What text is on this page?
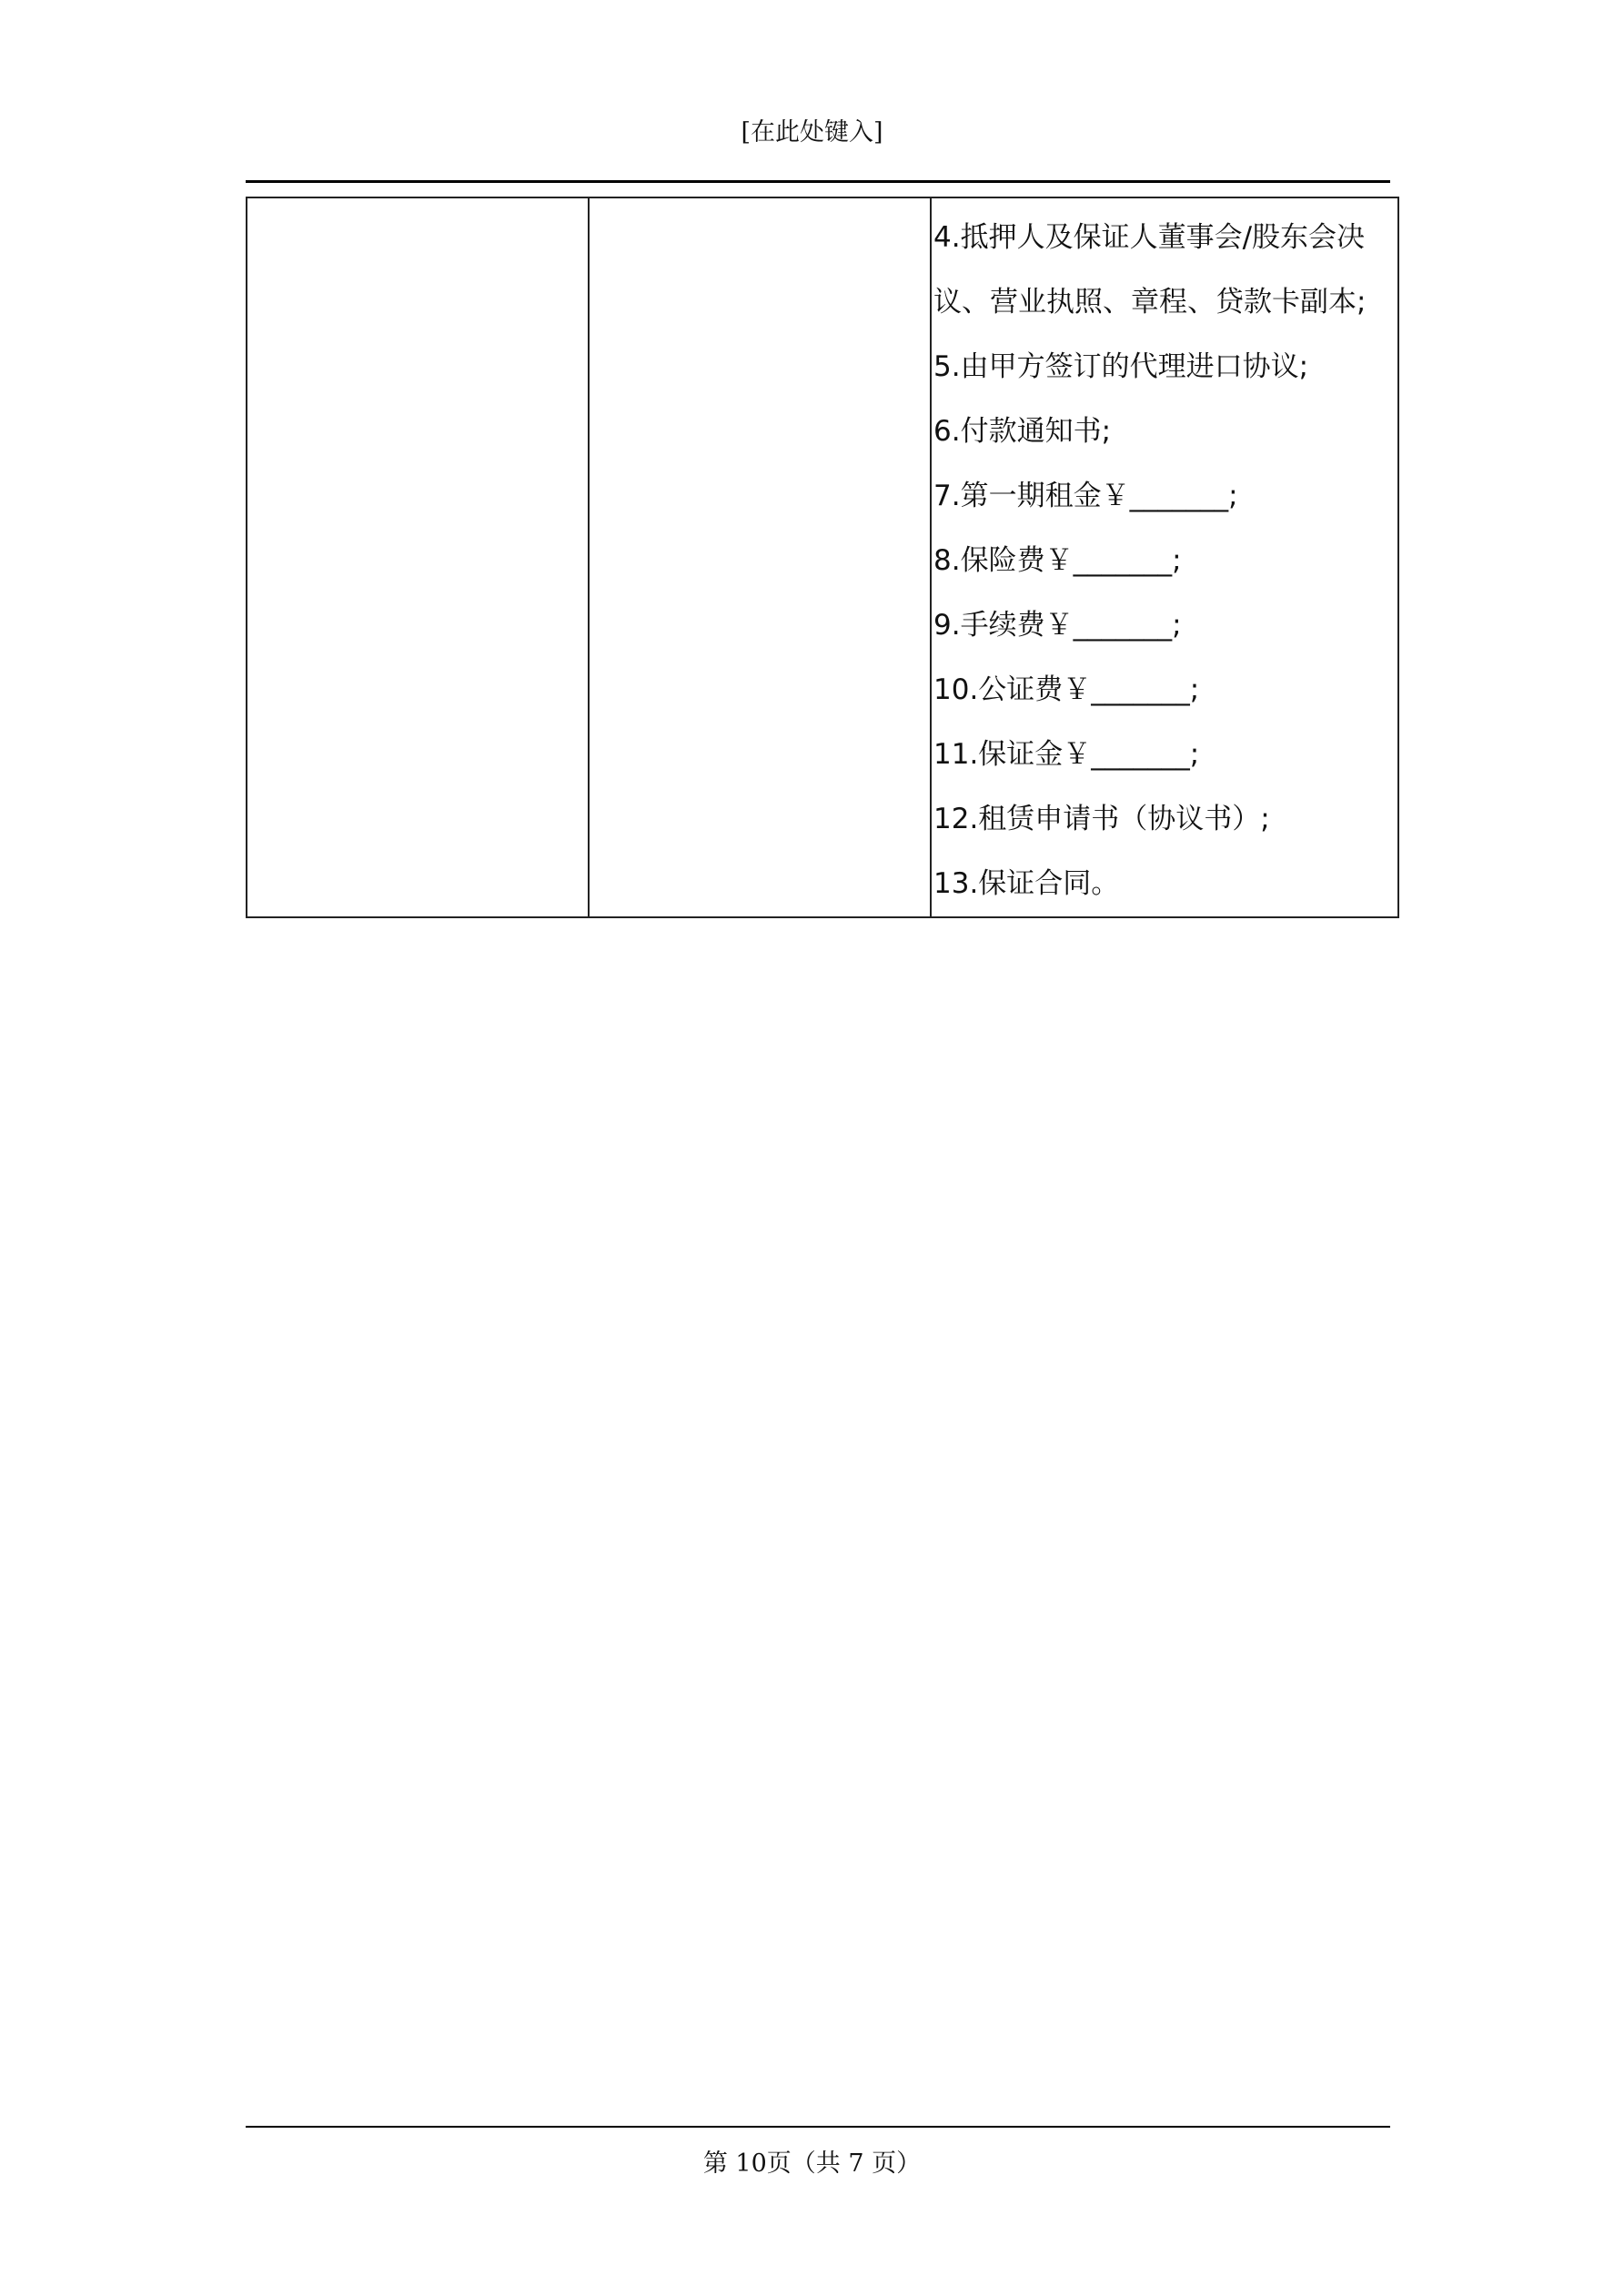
[在此处键入]

4.抵押人及保证人董事会/股东会决
议、营业执照、章程、贷款卡副本;
5.由甲方签订的代理进口协议;
6.付款通知书;
7.第一期租金￥_______;
8.保险费￥_______;
9.手续费￥_______;
10.公证费￥_______;
11.保证金￥_______;
12.租赁申请书（协议书）;
13.保证合同。
第 10页（共 7 页）
